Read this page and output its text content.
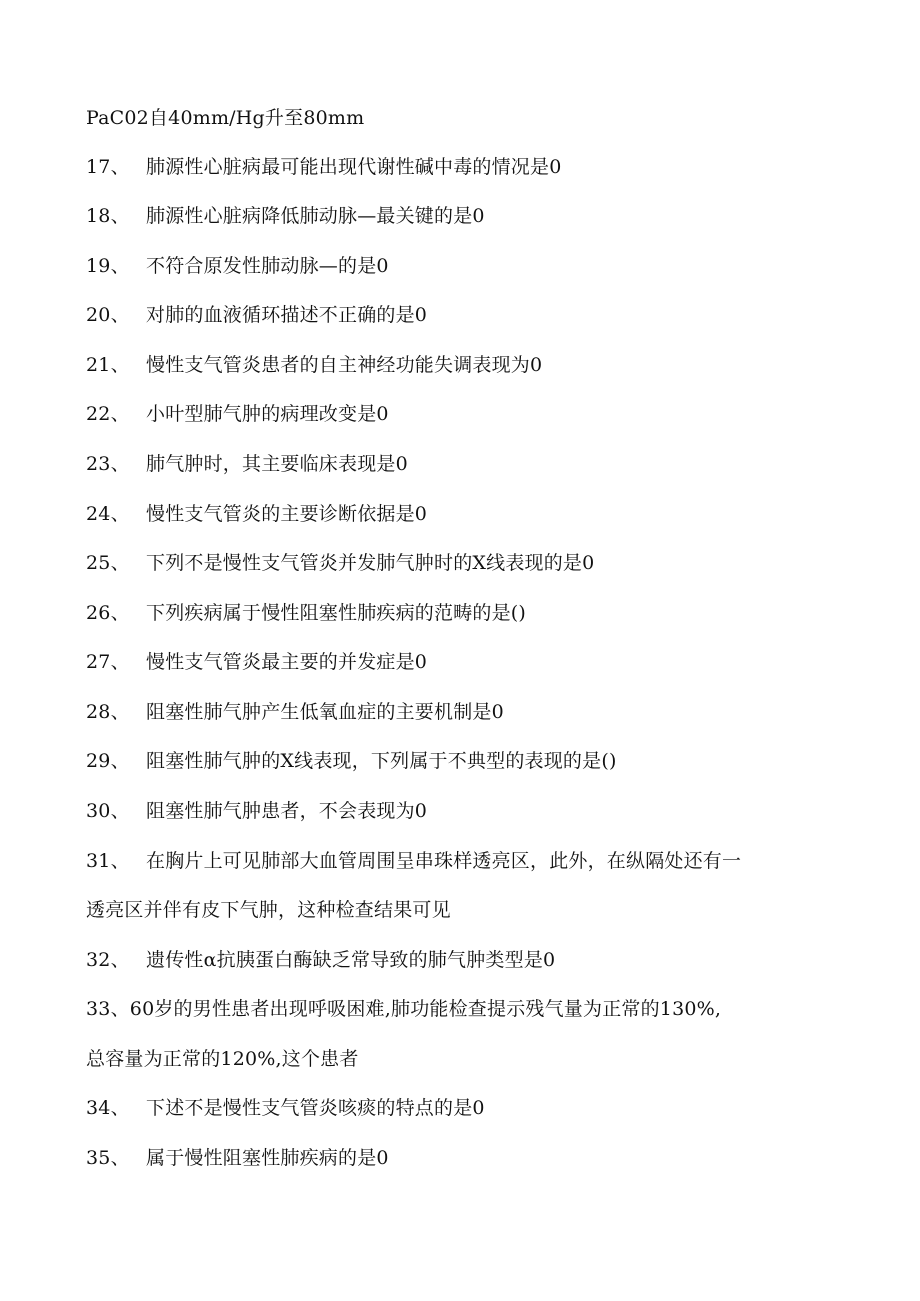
PaC02自40mm/Hg升至80mm
17、 肺源性心脏病最可能出现代谢性碱中毒的情况是0
18、 肺源性心脏病降低肺动脉—最关键的是0
19、 不符合原发性肺动脉—的是0
20、 对肺的血液循环描述不正确的是0
21、 慢性支气管炎患者的自主神经功能失调表现为0
22、 小叶型肺气肿的病理改变是0
23、 肺气肿时，其主要临床表现是0
24、 慢性支气管炎的主要诊断依据是0
25、 下列不是慢性支气管炎并发肺气肿时的X线表现的是0
26、 下列疾病属于慢性阻塞性肺疾病的范畴的是()
27、 慢性支气管炎最主要的并发症是0
28、 阻塞性肺气肿产生低氧血症的主要机制是0
29、 阻塞性肺气肿的X线表现，下列属于不典型的表现的是()
30、 阻塞性肺气肿患者，不会表现为0
31、 在胸片上可见肺部大血管周围呈串珠样透亮区，此外，在纵隔处还有一
透亮区并伴有皮下气肿，这种检查结果可见
32、 遗传性α抗胰蛋白酶缺乏常导致的肺气肿类型是0
33、60岁的男性患者出现呼吸困难,肺功能检查提示残气量为正常的130%,
总容量为正常的120%,这个患者
34、 下述不是慢性支气管炎咳痰的特点的是0
35、 属于慢性阻塞性肺疾病的是0
